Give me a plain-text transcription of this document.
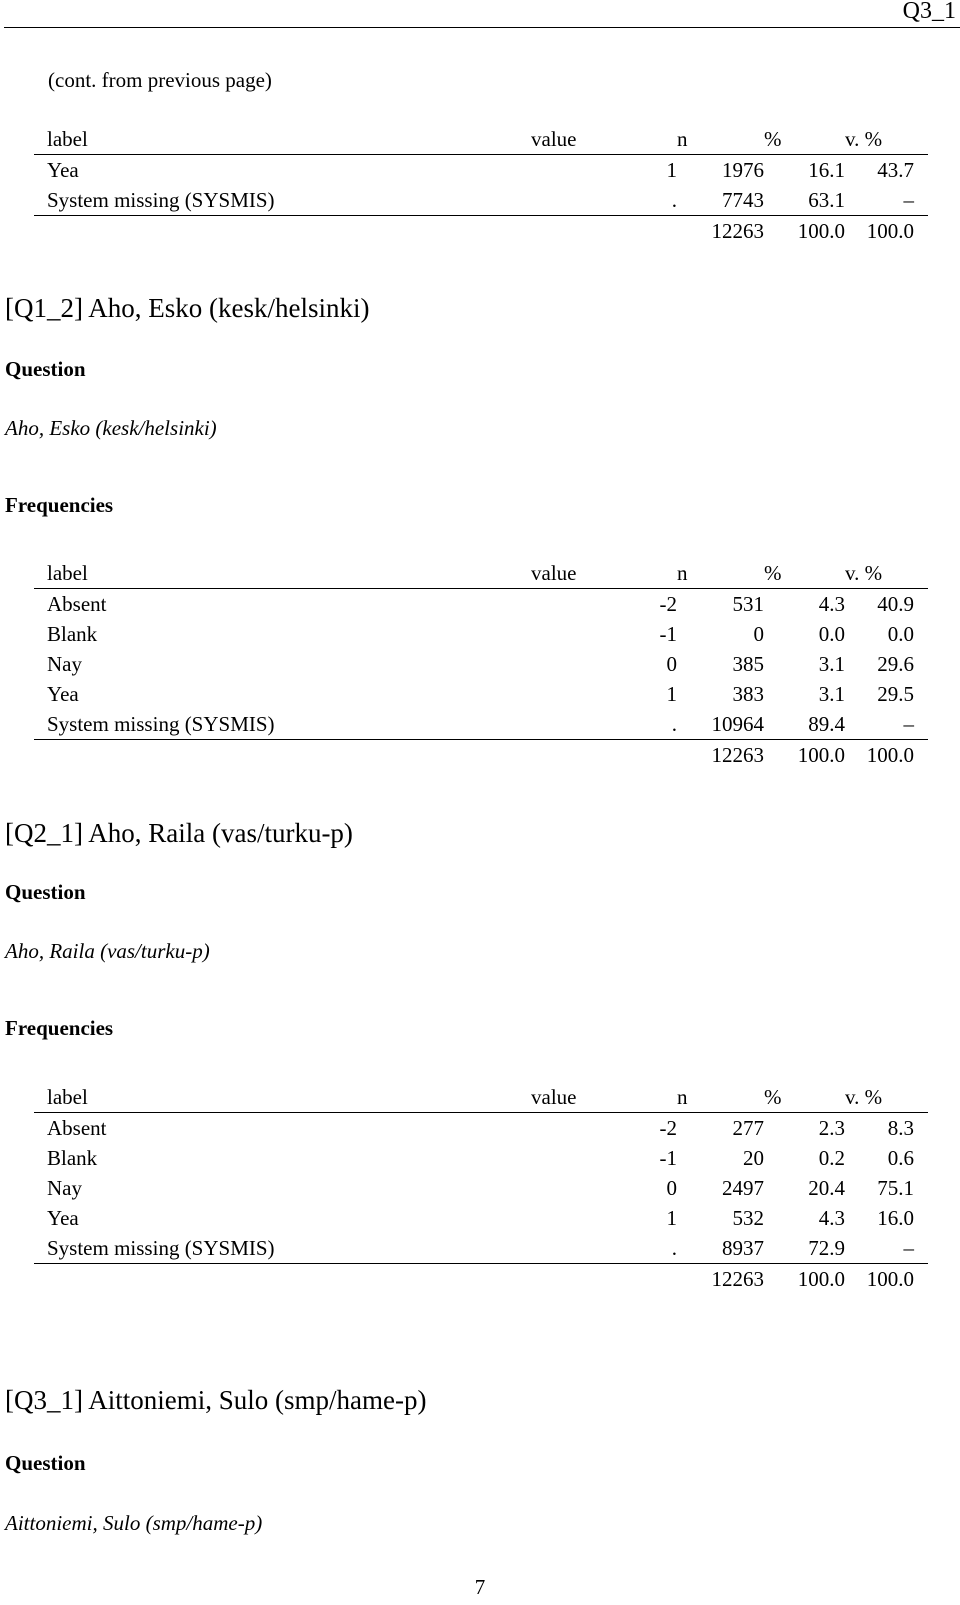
Q3_1
(cont. from previous page)
label	value	n	%	v. %
Yea	1	1976	16.1	43.7
System missing (SYSMIS)	.	7743	63.1	–
		12263	100.0	100.0
[Q1_2] Aho, Esko (kesk/helsinki)
Question
Aho, Esko (kesk/helsinki)
Frequencies
label	value	n	%	v. %
Absent	-2	531	4.3	40.9
Blank	-1	0	0.0	0.0
Nay	0	385	3.1	29.6
Yea	1	383	3.1	29.5
System missing (SYSMIS)	.	10964	89.4	–
		12263	100.0	100.0
[Q2_1] Aho, Raila (vas/turku-p)
Question
Aho, Raila (vas/turku-p)
Frequencies
label	value	n	%	v. %
Absent	-2	277	2.3	8.3
Blank	-1	20	0.2	0.6
Nay	0	2497	20.4	75.1
Yea	1	532	4.3	16.0
System missing (SYSMIS)	.	8937	72.9	–
		12263	100.0	100.0
[Q3_1] Aittoniemi, Sulo (smp/hame-p)
Question
Aittoniemi, Sulo (smp/hame-p)
7
